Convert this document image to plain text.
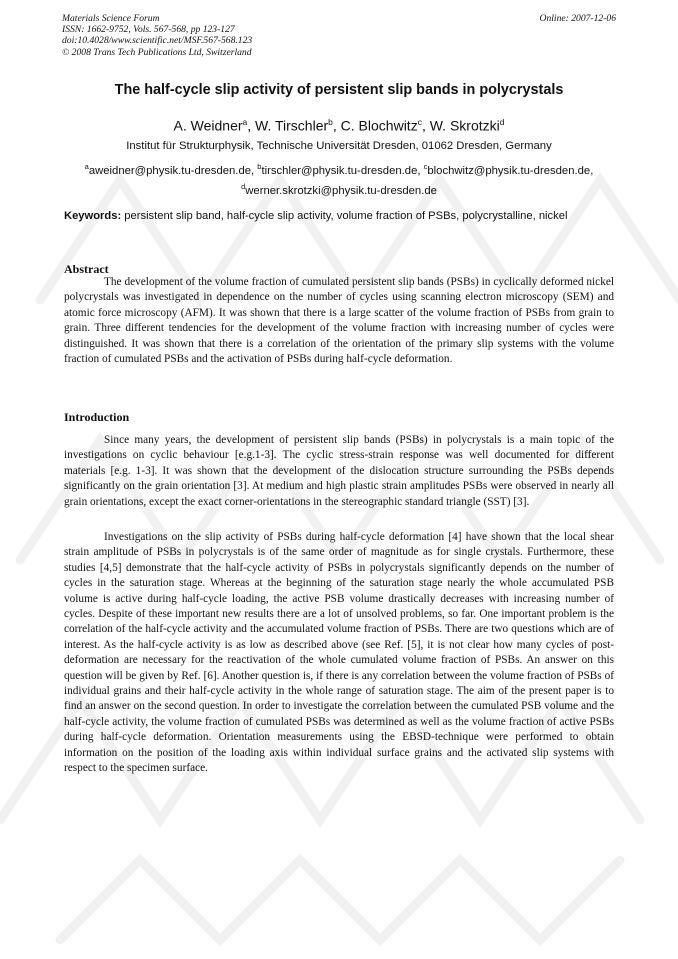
Materials Science Forum
ISSN: 1662-9752, Vols. 567-568, pp 123-127
doi:10.4028/www.scientific.net/MSF.567-568.123
© 2008 Trans Tech Publications Ltd, Switzerland
Online: 2007-12-06
The half-cycle slip activity of persistent slip bands in polycrystals
A. Weidner$^a$, W. Tirschler$^b$, C. Blochwitz$^c$, W. Skrotzki$^d$
Institut für Strukturphysik, Technische Universität Dresden, 01062 Dresden, Germany
$^a$aweidner@physik.tu-dresden.de, $^b$tirschler@physik.tu-dresden.de, $^c$blochwitz@physik.tu-dresden.de, $^d$werner.skrotzki@physik.tu-dresden.de
Keywords: persistent slip band, half-cycle slip activity, volume fraction of PSBs, polycrystalline, nickel
Abstract

The development of the volume fraction of cumulated persistent slip bands (PSBs) in cyclically deformed nickel polycrystals was investigated in dependence on the number of cycles using scanning electron microscopy (SEM) and atomic force microscopy (AFM). It was shown that there is a large scatter of the volume fraction of PSBs from grain to grain. Three different tendencies for the development of the volume fraction with increasing number of cycles were distinguished. It was shown that there is a correlation of the orientation of the primary slip systems with the volume fraction of cumulated PSBs and the activation of PSBs during half-cycle deformation.

Introduction

Since many years, the development of persistent slip bands (PSBs) in polycrystals is a main topic of the investigations on cyclic behaviour [e.g.1-3]. The cyclic stress-strain response was well documented for different materials [e.g. 1-3]. It was shown that the development of the dislocation structure surrounding the PSBs depends significantly on the grain orientation [3]. At medium and high plastic strain amplitudes PSBs were observed in nearly all grain orientations, except the exact corner-orientations in the stereographic standard triangle (SST) [3].

Investigations on the slip activity of PSBs during half-cycle deformation [4] have shown that the local shear strain amplitude of PSBs in polycrystals is of the same order of magnitude as for single crystals. Furthermore, these studies [4,5] demonstrate that the half-cycle activity of PSBs in polycrystals significantly depends on the number of cycles in the saturation stage. Whereas at the beginning of the saturation stage nearly the whole accumulated PSB volume is active during half-cycle loading, the active PSB volume drastically decreases with increasing number of cycles. Despite of these important new results there are a lot of unsolved problems, so far. One important problem is the correlation of the half-cycle activity and the accumulated volume fraction of PSBs. There are two questions which are of interest. As the half-cycle activity is as low as described above (see Ref. [5], it is not clear how many cycles of post-deformation are necessary for the reactivation of the whole cumulated volume fraction of PSBs. An answer on this question will be given by Ref. [6]. Another question is, if there is any correlation between the volume fraction of PSBs of individual grains and their half-cycle activity in the whole range of saturation stage. The aim of the present paper is to find an answer on the second question. In order to investigate the correlation between the cumulated PSB volume and the half-cycle activity, the volume fraction of cumulated PSBs was determined as well as the volume fraction of active PSBs during half-cycle deformation. Orientation measurements using the EBSD-technique were performed to obtain information on the position of the loading axis within individual surface grains and the activated slip systems with respect to the specimen surface.
